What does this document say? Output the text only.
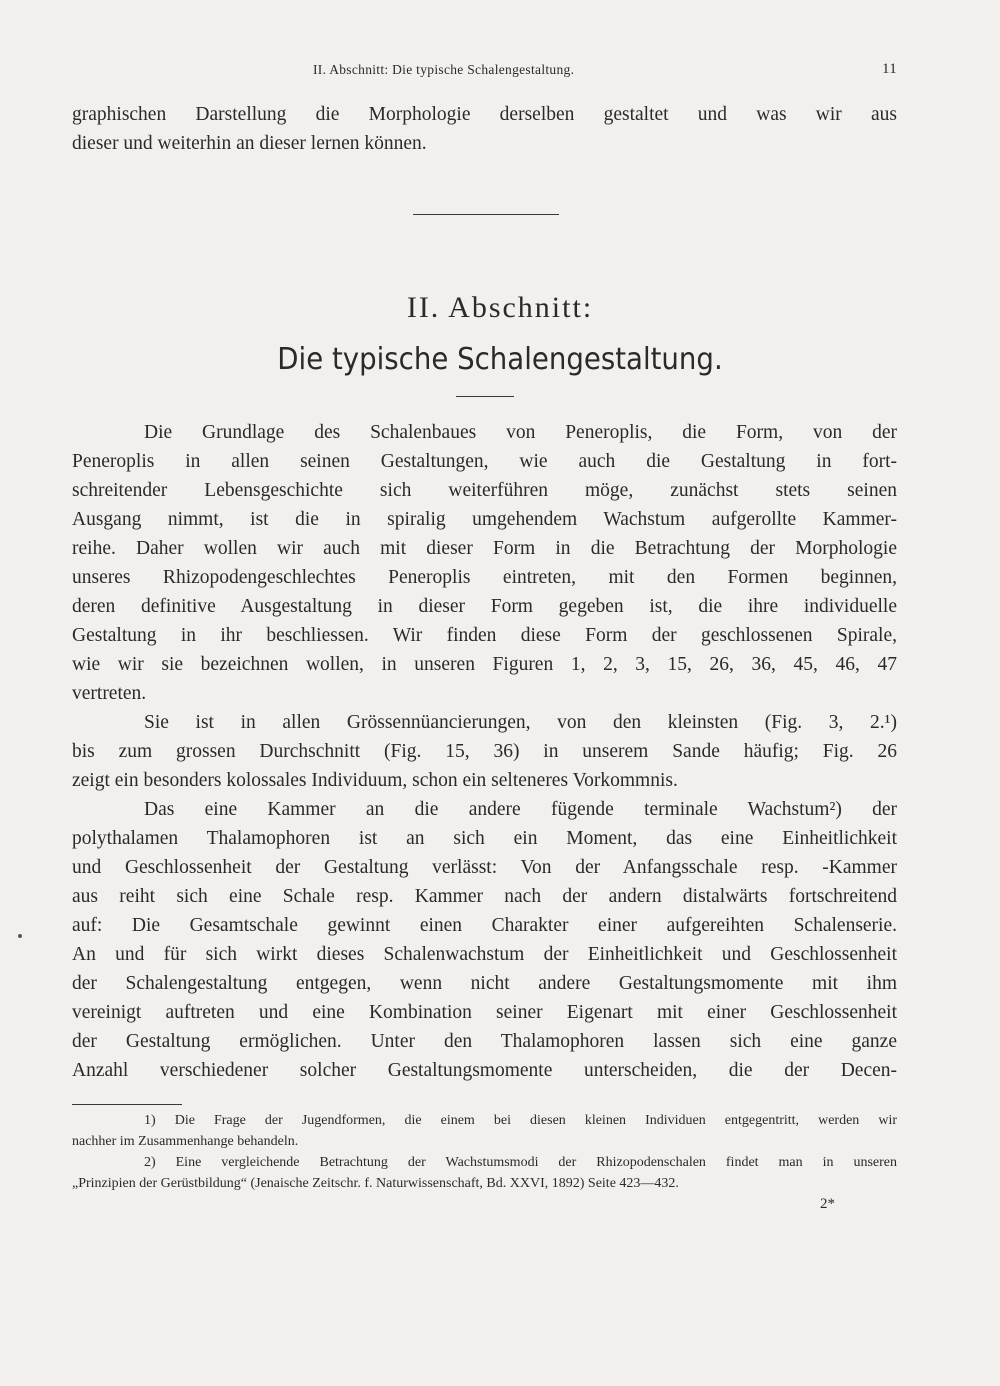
II. Abschnitt: Die typische Schalengestaltung.	11
graphischen Darstellung die Morphologie derselben gestaltet und was wir aus
dieser und weiterhin an dieser lernen können.
II. Abschnitt:
Die typische Schalengestaltung.
Die Grundlage des Schalenbaues von Peneroplis, die Form, von der
Peneroplis in allen seinen Gestaltungen, wie auch die Gestaltung in fort-
schreitender Lebensgeschichte sich weiterführen möge, zunächst stets seinen
Ausgang nimmt, ist die in spiralig umgehendem Wachstum aufgerollte Kammer-
reihe. Daher wollen wir auch mit dieser Form in die Betrachtung der Morphologie
unseres Rhizopodengeschlechtes Peneroplis eintreten, mit den Formen beginnen,
deren definitive Ausgestaltung in dieser Form gegeben ist, die ihre individuelle
Gestaltung in ihr beschliessen. Wir finden diese Form der geschlossenen Spirale,
wie wir sie bezeichnen wollen, in unseren Figuren 1, 2, 3, 15, 26, 36, 45, 46, 47
vertreten.
Sie ist in allen Grössennüancierungen, von den kleinsten (Fig. 3, 2.¹)
bis zum grossen Durchschnitt (Fig. 15, 36) in unserem Sande häufig; Fig. 26
zeigt ein besonders kolossales Individuum, schon ein selteneres Vorkommnis.
Das eine Kammer an die andere fügende terminale Wachstum²) der
polythalamen Thalamophoren ist an sich ein Moment, das eine Einheitlichkeit
und Geschlossenheit der Gestaltung verlässt: Von der Anfangsschale resp. -Kammer
aus reiht sich eine Schale resp. Kammer nach der andern distalwärts fortschreitend
auf: Die Gesamtschale gewinnt einen Charakter einer aufgereihten Schalenserie.
An und für sich wirkt dieses Schalenwachstum der Einheitlichkeit und Geschlossenheit
der Schalengestaltung entgegen, wenn nicht andere Gestaltungsmomente mit ihm
vereinigt auftreten und eine Kombination seiner Eigenart mit einer Geschlossenheit
der Gestaltung ermöglichen. Unter den Thalamophoren lassen sich eine ganze
Anzahl verschiedener solcher Gestaltungsmomente unterscheiden, die der Decen-
1) Die Frage der Jugendformen, die einem bei diesen kleinen Individuen entgegentritt, werden wir
nachher im Zusammenhange behandeln.
2) Eine vergleichende Betrachtung der Wachstumsmodi der Rhizopodenschalen findet man in unseren
„Prinzipien der Gerüstbildung“ (Jenaische Zeitschr. f. Naturwissenschaft, Bd. XXVI, 1892) Seite 423—432.
2*
